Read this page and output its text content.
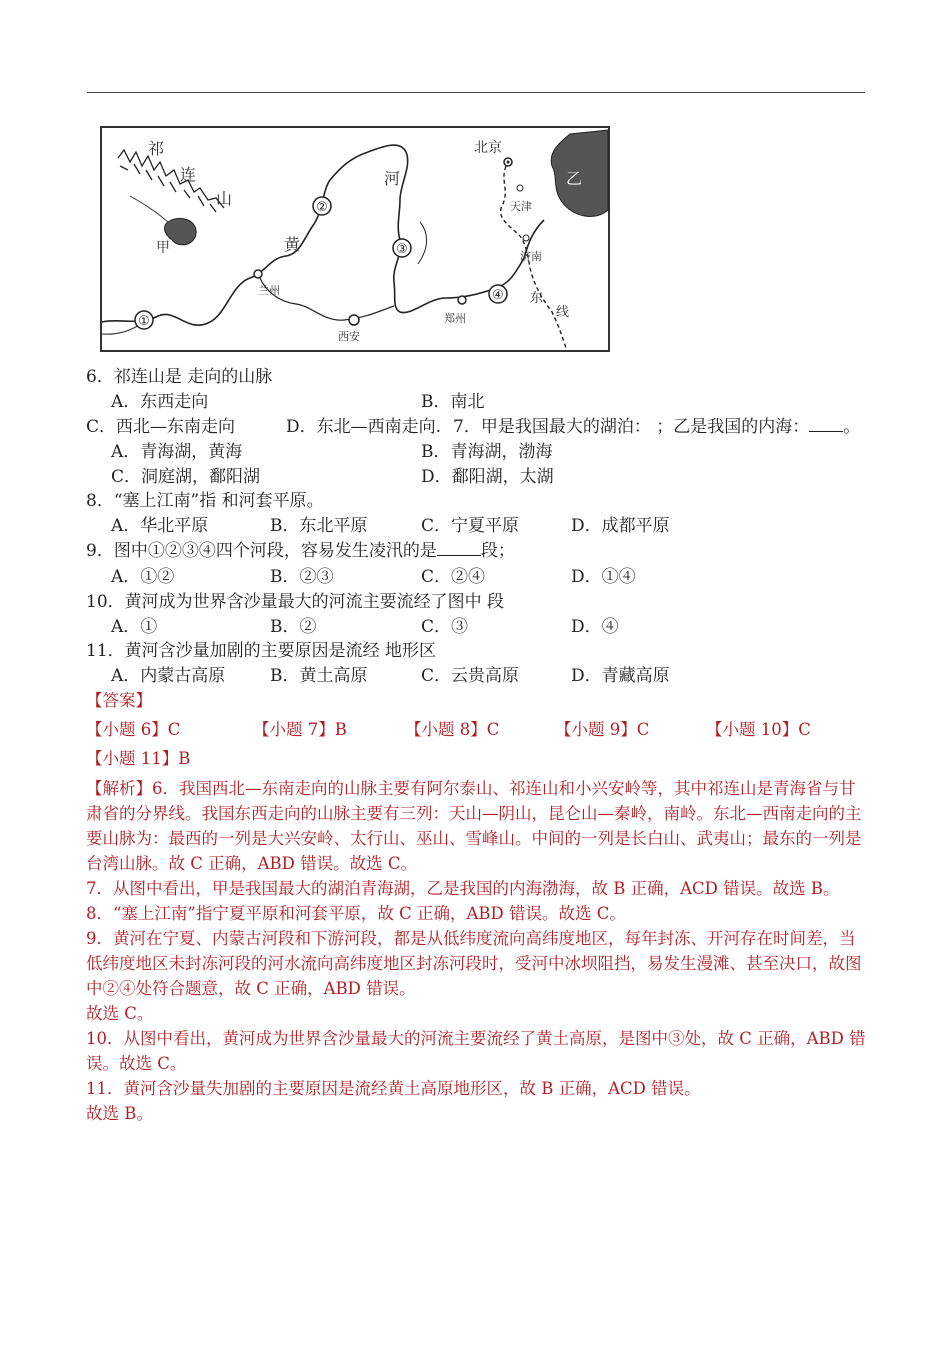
①
②
③
④
祁
连
山
甲
河
黄
北京
乙
天津
济南
兰州
西安
郑州
东
线
6．祁连山是 走向的山脉
A．东西走向	B．南北
C．西北—东南走向	D．东北—西南走向. 7．甲是我国最大的湖泊： ；乙是我国的内海： 。
A．青海湖，黄海	B．青海湖，渤海
C．洞庭湖，鄱阳湖	D．鄱阳湖，太湖
8．“塞上江南”指 和河套平原。
A．华北平原	B．东北平原	C．宁夏平原	D．成都平原
9．图中①②③④四个河段，容易发生凌汛的是	段；
A．①②	B．②③	C．②④	D．①④
10．黄河成为世界含沙量最大的河流主要流经了图中 段
A．①	B．②	C．③	D．④
11．黄河含沙量加剧的主要原因是流经 地形区
A．内蒙古高原	B．黄土高原	C．云贵高原	D．青藏高原
【答案】
【小题 6】C	【小题 7】B	【小题 8】C	【小题 9】C	【小题 10】C
【小题 11】B

【解析】6．我国西北—东南走向的山脉主要有阿尔泰山、祁连山和小兴安岭等，其中祁连山是青海省与甘肃省的分界线。我国东西走向的山脉主要有三列：天山—阴山，昆仑山—秦岭，南岭。东北—西南走向的主要山脉为：最西的一列是大兴安岭、太行山、巫山、雪峰山。中间的一列是长白山、武夷山；最东的一列是台湾山脉。故 C 正确，ABD 错误。故选 C。

7．从图中看出，甲是我国最大的湖泊青海湖，乙是我国的内海渤海，故 B 正确，ACD 错误。故选 B。

8．“塞上江南”指宁夏平原和河套平原，故 C 正确，ABD 错误。故选 C。

9．黄河在宁夏、内蒙古河段和下游河段，都是从低纬度流向高纬度地区，每年封冻、开河存在时间差，当低纬度地区未封冻河段的河水流向高纬度地区封冻河段时，受河中冰坝阻挡，易发生漫滩、甚至决口，故图中②④处符合题意，故 C 正确，ABD 错误。

故选 C。

10．从图中看出，黄河成为世界含沙量最大的河流主要流经了黄土高原，是图中③处，故 C 正确，ABD 错误。故选 C。

11．黄河含沙量失加剧的主要原因是流经黄土高原地形区，故 B 正确，ACD 错误。

故选 B。
